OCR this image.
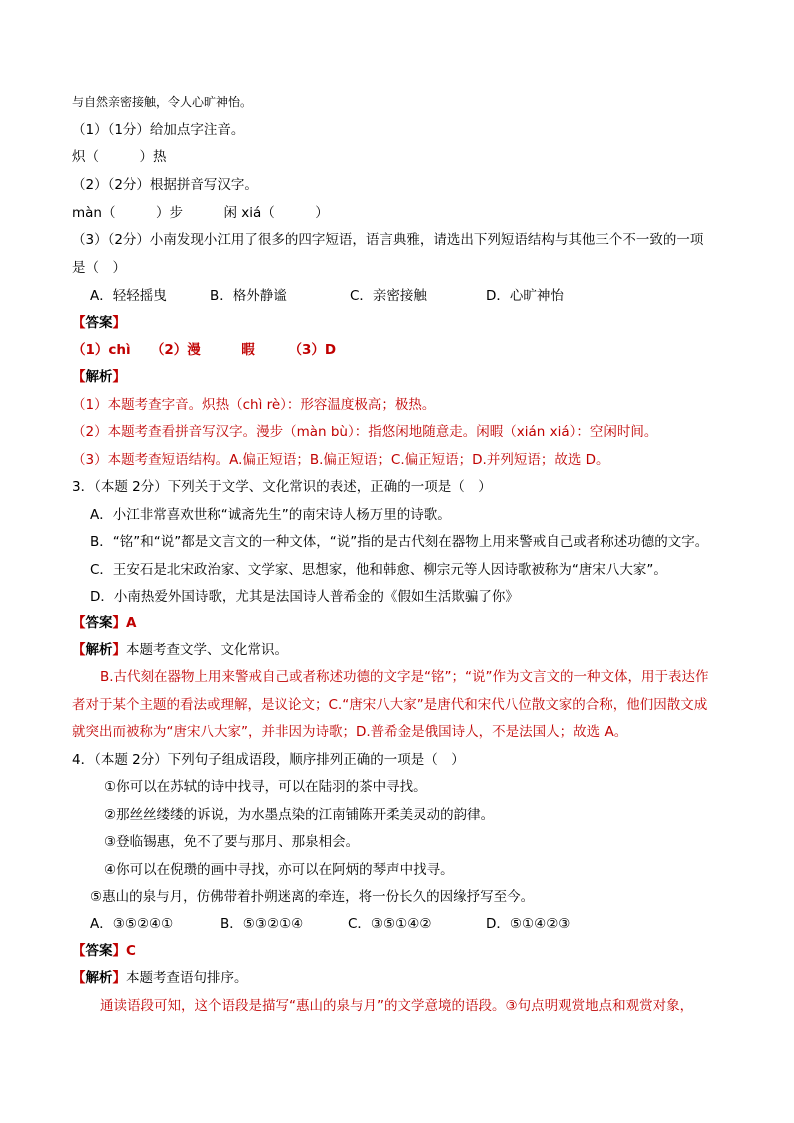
与自然亲密接触，令人心旷神怡。
（1）（1分）给加点字注音。
炽（　　　）热
（2）（2分）根据拼音写汉字。
màn（　　　）步　　　闲 xiá（　　　）
（3）（2分）小南发现小江用了很多的四字短语，语言典雅，请选出下列短语结构与其他三个不一致的一项
是（　）
A．轻轻摇曳	B．格外静谧	C．亲密接触	D．心旷神怡
【答案】
（1）chì　　（2）漫　　　暇　　　（3）D
【解析】
（1）本题考查字音。炽热（chì rè）：形容温度极高；极热。
（2）本题考查看拼音写汉字。漫步（màn bù）：指悠闲地随意走。闲暇（xián xiá）：空闲时间。
（3）本题考查短语结构。A.偏正短语；B.偏正短语；C.偏正短语；D.并列短语；故选 D。
3．（本题 2分）下列关于文学、文化常识的表述，正确的一项是（　）
A．小江非常喜欢世称“诚斋先生”的南宋诗人杨万里的诗歌。
B．“铭”和“说”都是文言文的一种文体，“说”指的是古代刻在器物上用来警戒自己或者称述功德的文字。
C．王安石是北宋政治家、文学家、思想家，他和韩愈、柳宗元等人因诗歌被称为“唐宋八大家”。
D．小南热爱外国诗歌，尤其是法国诗人普希金的《假如生活欺骗了你》
【答案】A
【解析】本题考查文学、文化常识。
B.古代刻在器物上用来警戒自己或者称述功德的文字是“铭”；“说”作为文言文的一种文体，用于表达作
者对于某个主题的看法或理解，是议论文；C.“唐宋八大家”是唐代和宋代八位散文家的合称，他们因散文成
就突出而被称为“唐宋八大家”，并非因为诗歌；D.普希金是俄国诗人，不是法国人；故选 A。
4．（本题 2分）下列句子组成语段，顺序排列正确的一项是（　）
①你可以在苏轼的诗中找寻，可以在陆羽的茶中寻找。
②那丝丝缕缕的诉说，为水墨点染的江南铺陈开柔美灵动的韵律。
③登临锡惠，免不了要与那月、那泉相会。
④你可以在倪瓒的画中寻找，亦可以在阿炳的琴声中找寻。
⑤惠山的泉与月，仿佛带着扑朔迷离的牵连，将一份长久的因缘抒写至今。
A．③⑤②④①	B．⑤③②①④	C．③⑤①④②	D．⑤①④②③
【答案】C
【解析】本题考查语句排序。
通读语段可知，这个语段是描写“惠山的泉与月”的文学意境的语段。③句点明观赏地点和观赏对象，
